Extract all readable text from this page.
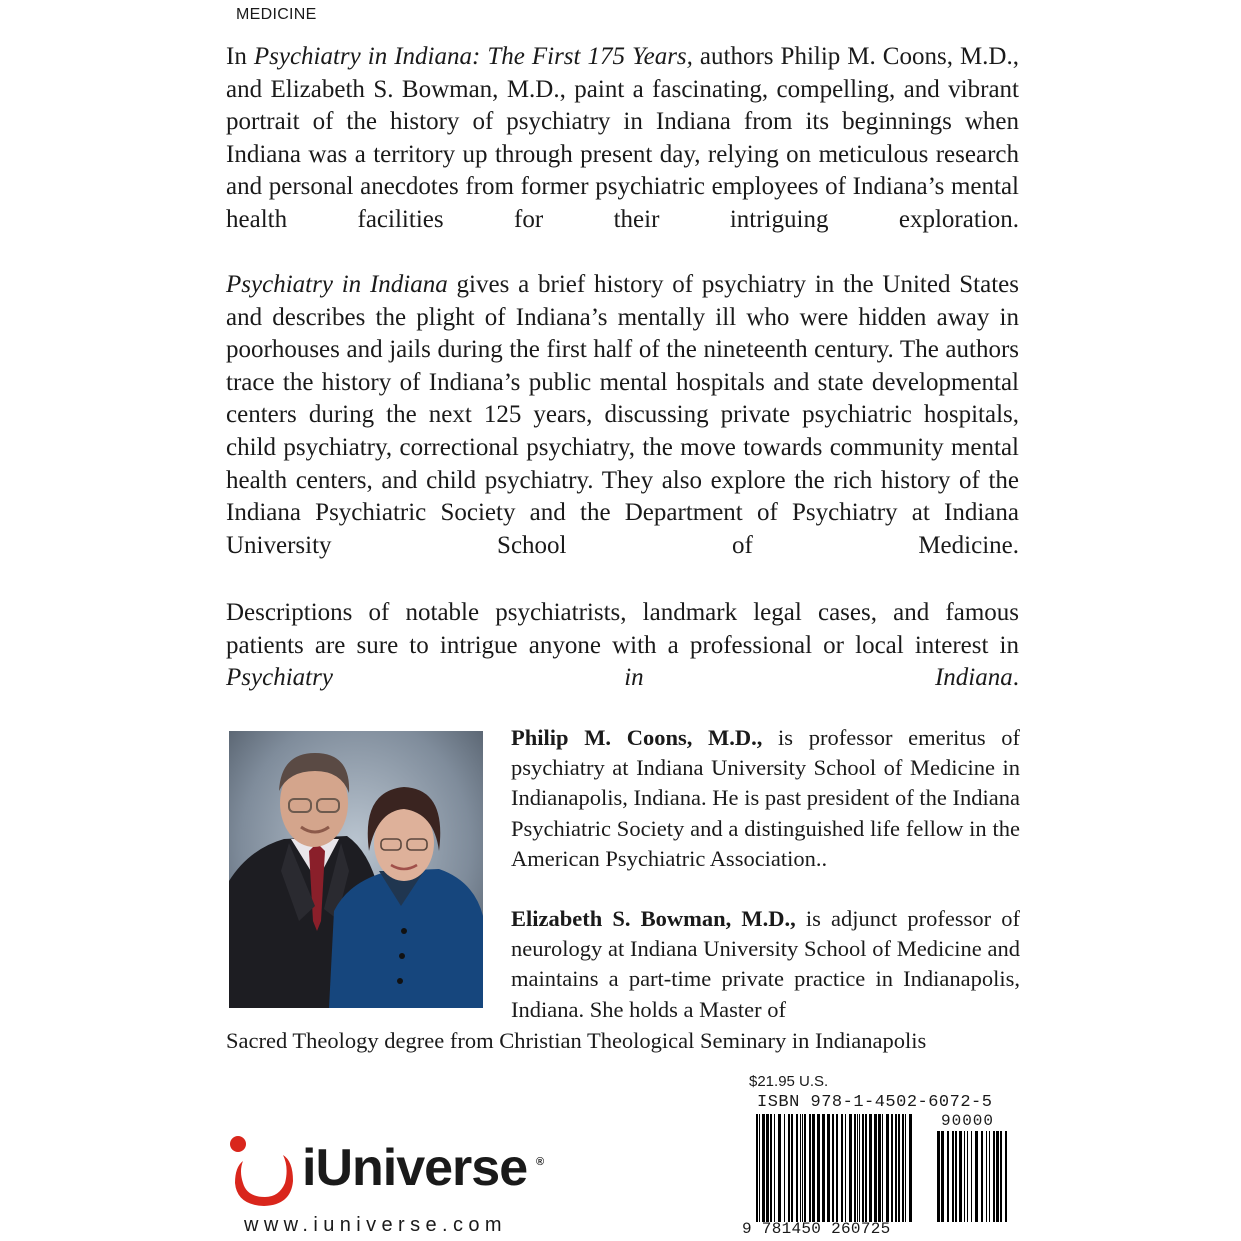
MEDICINE

In Psychiatry in Indiana: The First 175 Years, authors Philip M. Coons, M.D., and Elizabeth S. Bowman, M.D., paint a fascinating, compelling, and vibrant portrait of the history of psychiatry in Indiana from its beginnings when Indiana was a territory up through present day, relying on meticulous research and personal anecdotes from former psychiatric employees of Indiana’s mental health facilities for their intriguing exploration.

Psychiatry in Indiana gives a brief history of psychiatry in the United States and describes the plight of Indiana’s mentally ill who were hidden away in poorhouses and jails during the first half of the nineteenth century. The authors trace the history of Indiana’s public mental hospitals and state developmental centers during the next 125 years, discussing private psychiatric hospitals, child psychiatry, correctional psychiatry, the move towards community mental health centers, and child psychiatry. They also explore the rich history of the Indiana Psychiatric Society and the Department of Psychiatry at Indiana University School of Medicine.

Descriptions of notable psychiatrists, landmark legal cases, and famous patients are sure to intrigue anyone with a professional or local interest in Psychiatry in Indiana.

Philip M. Coons, M.D., is professor emeritus of psychiatry at Indiana University School of Medicine in Indianapolis, Indiana. He is past president of the Indiana Psychiatric Society and a distinguished life fellow in the American Psychiatric Association..

Elizabeth S. Bowman, M.D., is adjunct professor of neurology at Indiana University School of Medicine and maintains a part-time private practice in Indianapolis, Indiana. She holds a Master of

Sacred Theology degree from Christian Theological Seminary in Indianapolis
$21.95 U.S.
ISBN 978-1-4502-6072-5
90000
9 781450 260725
iUniverse ®
www.iuniverse.com
